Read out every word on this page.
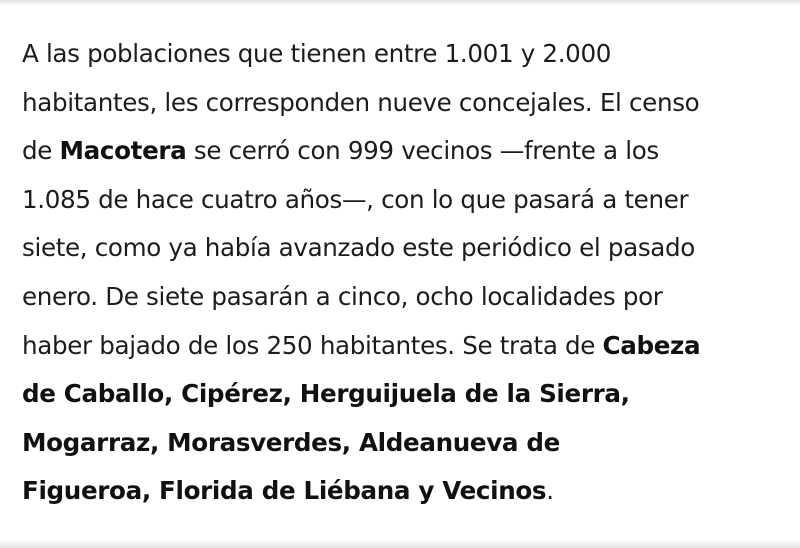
A las poblaciones que tienen entre 1.001 y 2.000
habitantes, les corresponden nueve concejales. El censo
de Macotera se cerró con 999 vecinos —frente a los
1.085 de hace cuatro años—, con lo que pasará a tener
siete, como ya había avanzado este periódico el pasado
enero. De siete pasarán a cinco, ocho localidades por
haber bajado de los 250 habitantes. Se trata de Cabeza
de Caballo, Cipérez, Herguijuela de la Sierra,
Mogarraz, Morasverdes, Aldeanueva de
Figueroa, Florida de Liébana y Vecinos.
